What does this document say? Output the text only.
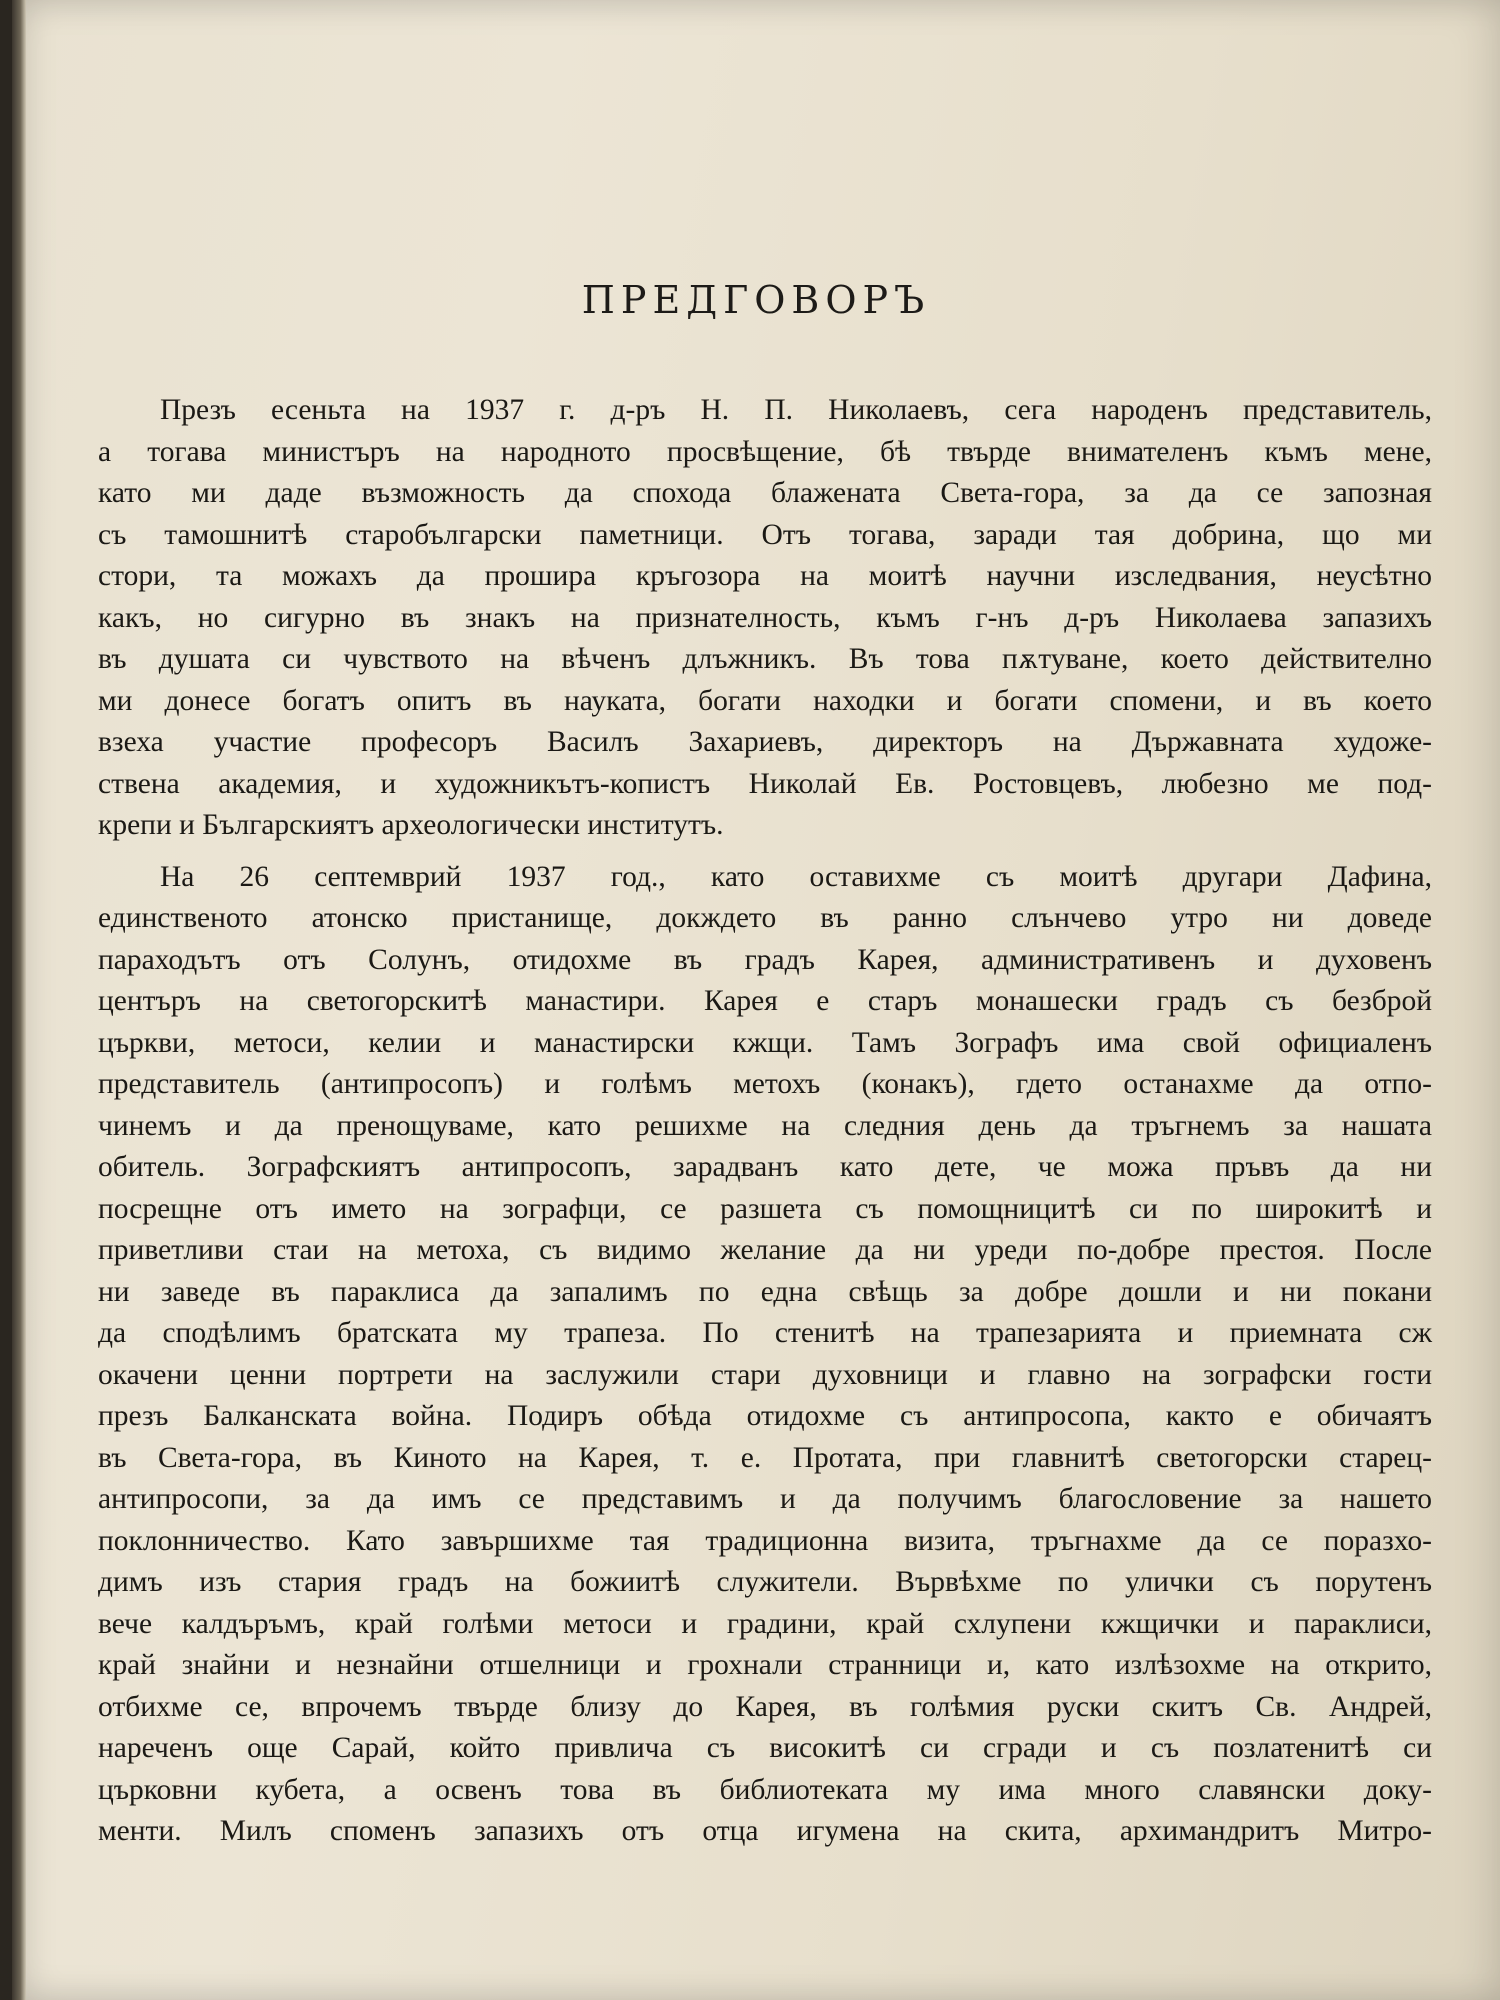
ПРЕДГОВОРЪ
Презъ есеньта на 1937 г. д-ръ Н. П. Николаевъ, сега народенъ представитель,
а тогава министъръ на народното просвѣщение, бѣ твърде внимателенъ къмъ мене,
като ми даде възможность да спохода блажената Света-гора, за да се запозная
съ тамошнитѣ старобългарски паметници. Отъ тогава, заради тая добрина, що ми
стори, та можахъ да прошира кръгозора на моитѣ научни изследвания, неусѣтно
какъ, но сигурно въ знакъ на признателность, къмъ г-нъ д-ръ Николаева запазихъ
въ душата си чувството на вѣченъ длъжникъ. Въ това пѫтуване, което действително
ми донесе богатъ опитъ въ науката, богати находки и богати спомени, и въ което
взеха участие професоръ Василъ Захариевъ, директоръ на Държавната художе-
ствена академия, и художникътъ-копистъ Николай Ев. Ростовцевъ, любезно ме под-
крепи и Българскиятъ археологически институтъ.
На 26 септемврий 1937 год., като оставихме съ моитѣ другари Дафина,
единственото атонско пристанище, докждето въ ранно слънчево утро ни доведе
параходътъ отъ Солунъ, отидохме въ градъ Карея, административенъ и духовенъ
центъръ на светогорскитѣ манастири. Карея е старъ монашески градъ съ безброй
църкви, метоси, келии и манастирски кжщи. Тамъ Зографъ има свой официаленъ
представитель (антипросопъ) и голѣмъ метохъ (конакъ), гдето останахме да отпо-
чинемъ и да пренощуваме, като решихме на следния день да тръгнемъ за нашата
обитель. Зографскиятъ антипросопъ, зарадванъ като дете, че можа пръвъ да ни
посрещне отъ името на зографци, се разшета съ помощницитѣ си по широкитѣ и
приветливи стаи на метоха, съ видимо желание да ни уреди по-добре престоя. После
ни заведе въ параклиса да запалимъ по една свѣщь за добре дошли и ни покани
да сподѣлимъ братската му трапеза. По стенитѣ на трапезарията и приемната сж
окачени ценни портрети на заслужили стари духовници и главно на зографски гости
презъ Балканската война. Подиръ обѣда отидохме съ антипросопа, както е обичаятъ
въ Света-гора, въ Киното на Карея, т. е. Протата, при главнитѣ светогорски старец-
антипросопи, за да имъ се представимъ и да получимъ благословение за нашето
поклонничество. Като завършихме тая традиционна визита, тръгнахме да се поразхо-
димъ изъ стария градъ на божиитѣ служители. Вървѣхме по улички съ порутенъ
вече калдъръмъ, край голѣми метоси и градини, край схлупени кжщички и параклиси,
край знайни и незнайни отшелници и грохнали странници и, като излѣзохме на открито,
отбихме се, впрочемъ твърде близу до Карея, въ голѣмия руски скитъ Св. Андрей,
нареченъ още Сарай, който привлича съ високитѣ си сгради и съ позлатенитѣ си
църковни кубета, а освенъ това въ библиотеката му има много славянски доку-
менти. Милъ споменъ запазихъ отъ отца игумена на скита, архимандритъ Митро-
